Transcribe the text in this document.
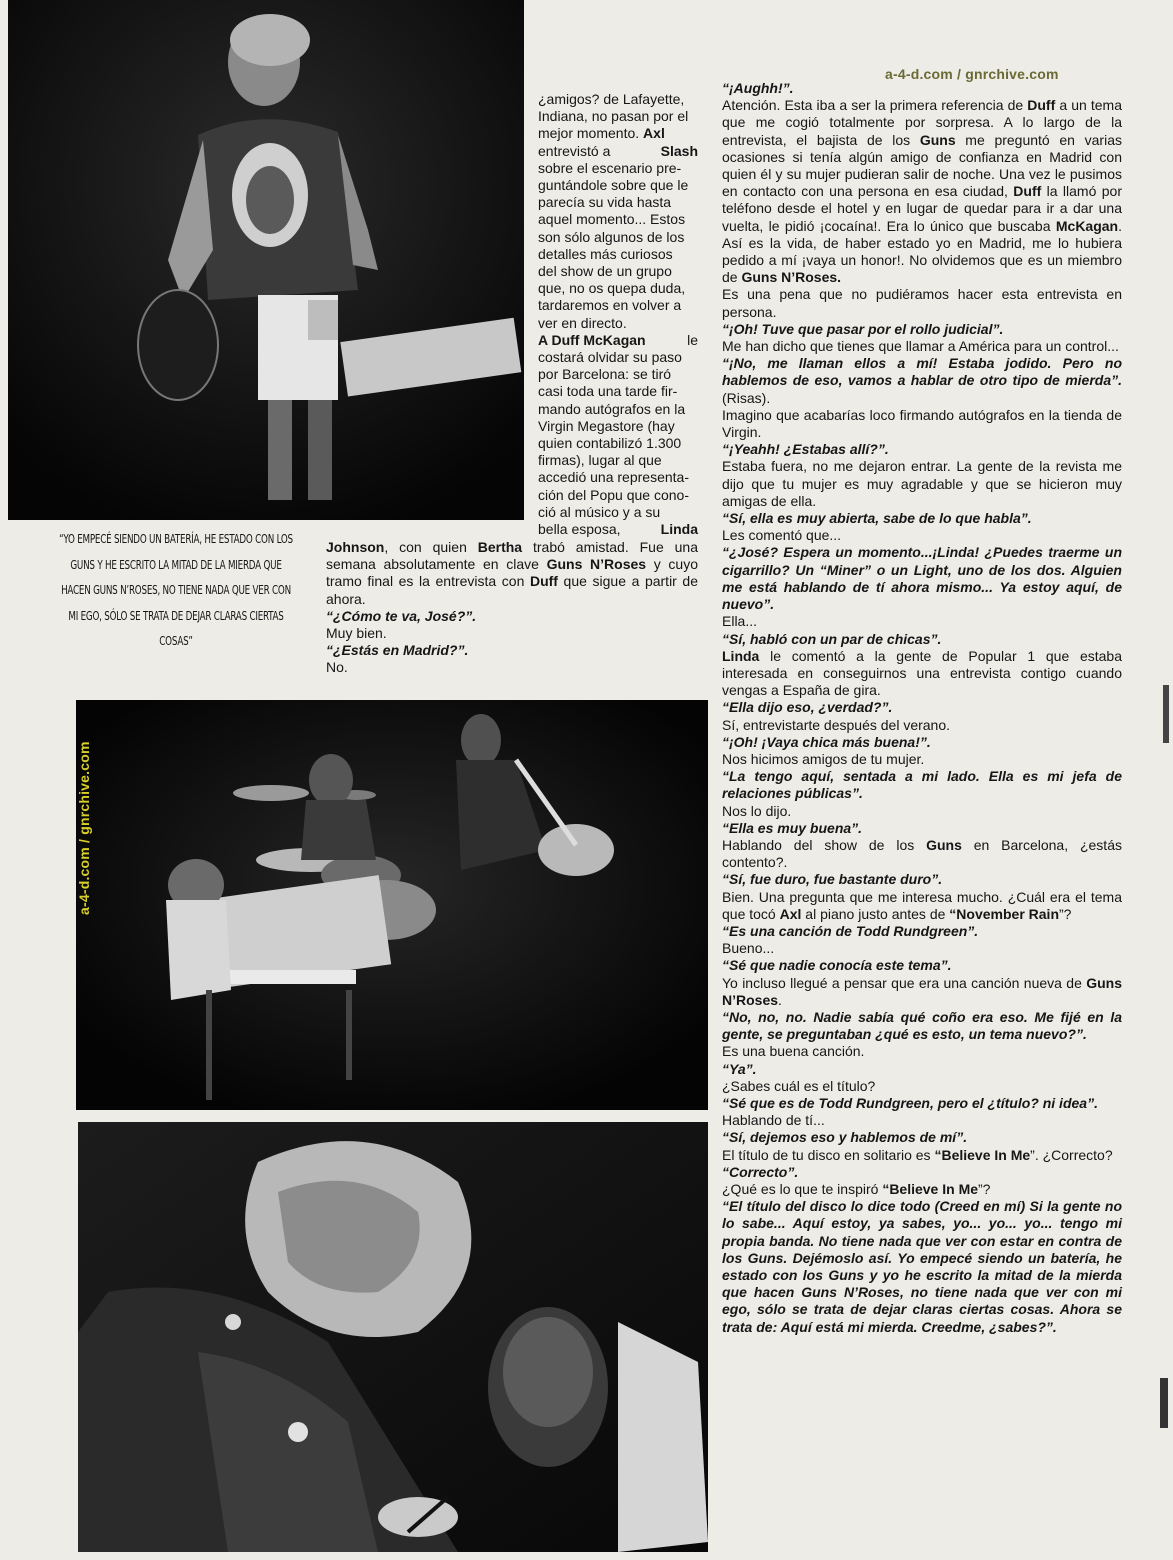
a-4-d.com / gnrchive.com

¿amigos? de Lafayette,

Indiana, no pasan por el

mejor momento. Axl

entrevistó a	Slash

sobre el escenario pre-

guntándole sobre que le

parecía su vida hasta

aquel momento... Estos

son sólo algunos de los

detalles más curiosos

del show de un grupo

que, no os quepa duda,

tardaremos en volver a

ver en directo.

A Duff McKagan	le

costará olvidar su paso

por Barcelona: se tiró

casi toda una tarde fir-

mando autógrafos en la

Virgin Megastore (hay

quien contabilizó 1.300

firmas), lugar al que

accedió una representa-

ción del Popu que cono-

ció al músico y a su

bella esposa,	Linda

“YO EMPECÉ SIENDO UN BATERÍA, HE ESTADO CON LOS GUNS Y HE ESCRITO LA MITAD DE LA MIERDA QUE HACEN GUNS N’ROSES, NO TIENE NADA QUE VER CON MI EGO, SÓLO SE TRATA DE DEJAR CLARAS CIERTAS COSAS”

Johnson, con quien Bertha trabó amistad. Fue una semana absolutamente en clave Guns N’Roses y cuyo tramo final es la entrevista con Duff que sigue a partir de ahora.

“¿Cómo te va, José?”.

Muy bien.

“¿Estás en Madrid?”.

No.

“¡Aughh!”.

Atención. Esta iba a ser la primera referencia de Duff a un tema que me cogió totalmente por sorpresa. A lo largo de la entrevista, el bajista de los Guns me preguntó en varias ocasiones si tenía algún amigo de confianza en Madrid con quien él y su mujer pudieran salir de noche. Una vez le pusimos en contacto con una persona en esa ciudad, Duff la llamó por teléfono desde el hotel y en lugar de quedar para ir a dar una vuelta, le pidió ¡cocaína!. Era lo único que buscaba McKagan. Así es la vida, de haber estado yo en Madrid, me lo hubiera pedido a mí ¡vaya un honor!. No olvidemos que es un miembro de Guns N’Roses.

Es una pena que no pudiéramos hacer esta entrevista en persona.

“¡Oh! Tuve que pasar por el rollo judicial”.

Me han dicho que tienes que llamar a América para un control...

“¡No, me llaman ellos a mí! Estaba jodido. Pero no hablemos de eso, vamos a hablar de otro tipo de mierda”. (Risas).

Imagino que acabarías loco firmando autógrafos en la tienda de Virgin.

“¡Yeahh! ¿Estabas allí?”.

Estaba fuera, no me dejaron entrar. La gente de la revista me dijo que tu mujer es muy agradable y que se hicieron muy amigas de ella.

“Sí, ella es muy abierta, sabe de lo que habla”.

Les comentó que...

“¿José? Espera un momento...¡Linda! ¿Puedes traerme un cigarrillo? Un “Miner” o un Light, uno de los dos. Alguien me está hablando de tí ahora mismo... Ya estoy aquí, de nuevo”.

Ella...

“Sí, habló con un par de chicas”.

Linda le comentó a la gente de Popular 1 que estaba interesada en conseguirnos una entrevista contigo cuando vengas a España de gira.

“Ella dijo eso, ¿verdad?”.

Sí, entrevistarte después del verano.

“¡Oh! ¡Vaya chica más buena!”.

Nos hicimos amigos de tu mujer.

“La tengo aquí, sentada a mi lado. Ella es mi jefa de relaciones públicas”.

Nos lo dijo.

“Ella es muy buena”.

Hablando del show de los Guns en Barcelona, ¿estás contento?.

“Sí, fue duro, fue bastante duro”.

Bien. Una pregunta que me interesa mucho. ¿Cuál era el tema que tocó Axl al piano justo antes de “November Rain”?

“Es una canción de Todd Rundgreen”.

Bueno...

“Sé que nadie conocía este tema”.

Yo incluso llegué a pensar que era una canción nueva de Guns N’Roses.

“No, no, no. Nadie sabía qué coño era eso. Me fijé en la gente, se preguntaban ¿qué es esto, un tema nuevo?”.

Es una buena canción.

“Ya”.

¿Sabes cuál es el título?

“Sé que es de Todd Rundgreen, pero el ¿título? ni idea”.

Hablando de tí...

“Sí, dejemos eso y hablemos de mí”.

El título de tu disco en solitario es “Believe In Me”. ¿Correcto?

“Correcto”.

¿Qué es lo que te inspiró “Believe In Me”?

“El título del disco lo dice todo (Creed en mí) Si la gente no lo sabe... Aquí estoy, ya sabes, yo... yo... yo... tengo mi propia banda. No tiene nada que ver con estar en contra de los Guns. Dejémoslo así. Yo empecé siendo un batería, he estado con los Guns y yo he escrito la mitad de la mierda que hacen Guns N’Roses, no tiene nada que ver con mi ego, sólo se trata de dejar claras ciertas cosas. Ahora se trata de: Aquí está mi mierda. Creedme, ¿sabes?”.

a-4-d.com / gnrchive.com
